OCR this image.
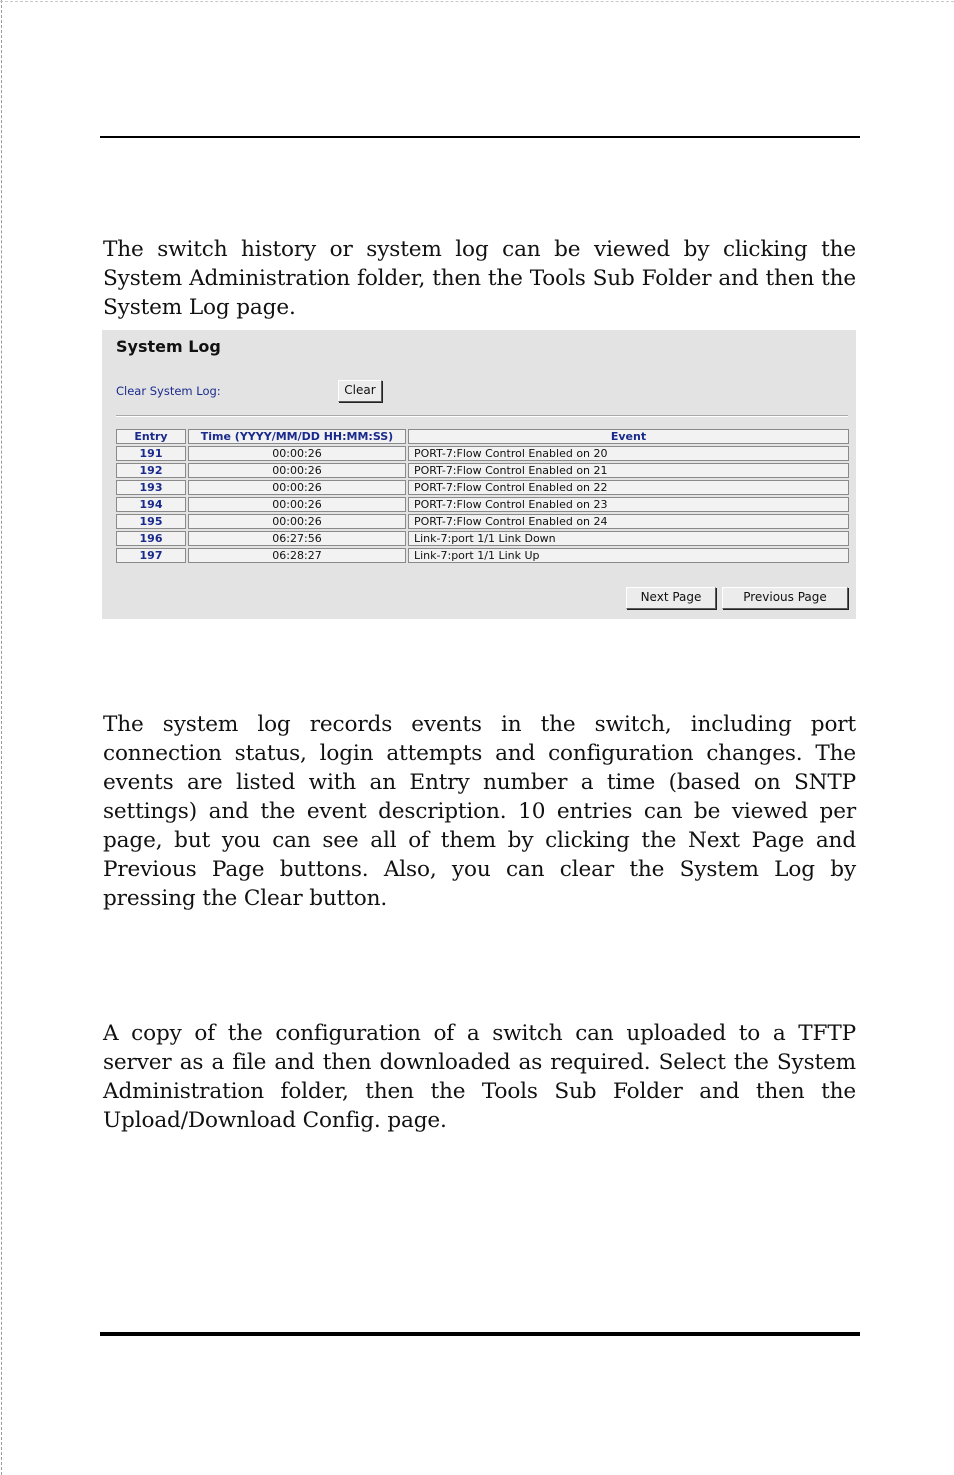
The switch history or system log can be viewed by clicking the System Administration folder, then the Tools Sub Folder and then the System Log page.

System Log
Clear System Log:	Clear
Entry	Time (YYYY/MM/DD HH:MM:SS)	Event
191	00:00:26	PORT-7:Flow Control Enabled on 20
192	00:00:26	PORT-7:Flow Control Enabled on 21
193	00:00:26	PORT-7:Flow Control Enabled on 22
194	00:00:26	PORT-7:Flow Control Enabled on 23
195	00:00:26	PORT-7:Flow Control Enabled on 24
196	06:27:56	Link-7:port 1/1 Link Down
197	06:28:27	Link-7:port 1/1 Link Up
Next Page	Previous Page

The system log records events in the switch, including port connection status, login attempts and configuration changes. The events are listed with an Entry number a time (based on SNTP settings) and the event description. 10 entries can be viewed per page, but you can see all of them by clicking the Next Page and Previous Page buttons. Also, you can clear the System Log by pressing the Clear button.

A copy of the configuration of a switch can uploaded to a TFTP server as a file and then downloaded as required. Select the System Administration folder, then the Tools Sub Folder and then the Upload/Download Config. page.
